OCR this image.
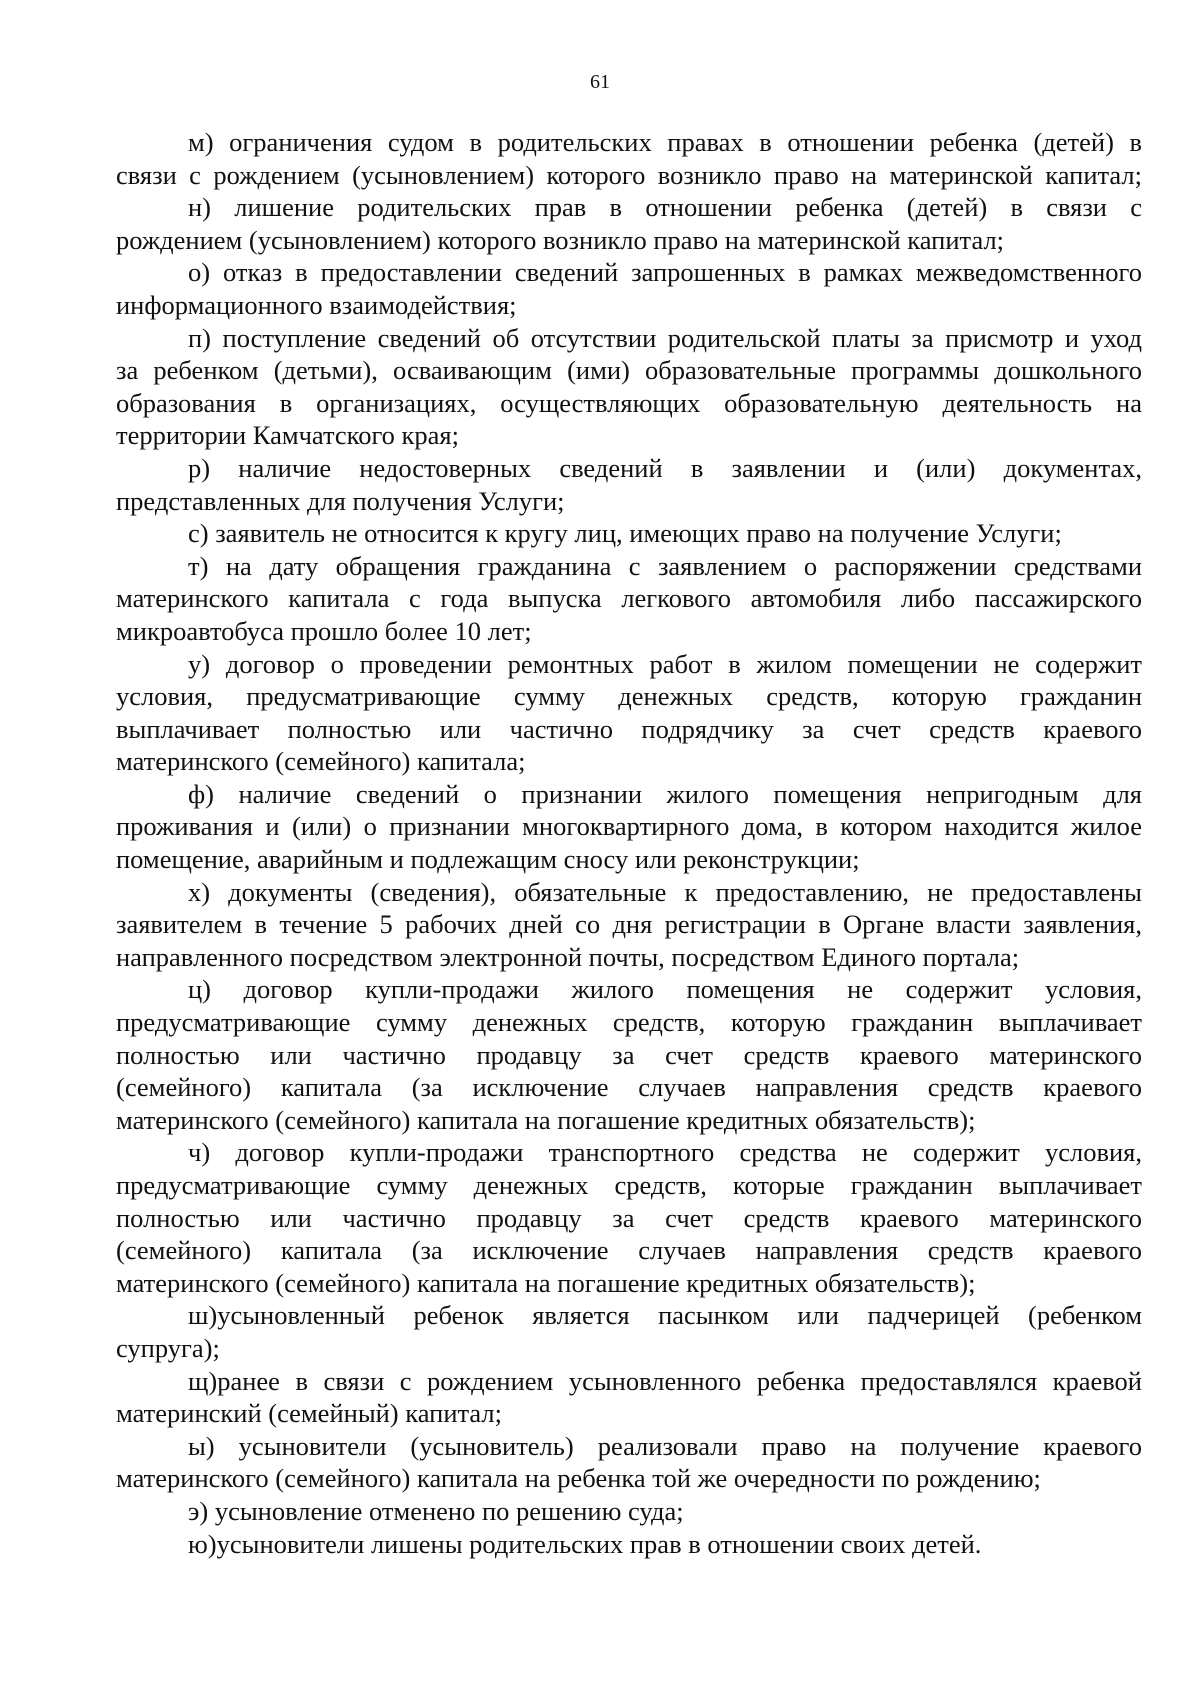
61
м) ограничения судом в родительских правах в отношении ребенка (детей) в
связи с рождением (усыновлением) которого возникло право на материнской капитал;
н) лишение родительских прав в отношении ребенка (детей) в связи с
рождением (усыновлением) которого возникло право на материнской капитал;
о) отказ в предоставлении сведений запрошенных в рамках межведомственного
информационного взаимодействия;
п) поступление сведений об отсутствии родительской платы за присмотр и уход
за ребенком (детьми), осваивающим (ими) образовательные программы дошкольного
образования в организациях, осуществляющих образовательную деятельность на
территории Камчатского края;
р) наличие недостоверных сведений в заявлении и (или) документах,
представленных для получения Услуги;
с) заявитель не относится к кругу лиц, имеющих право на получение Услуги;
т) на дату обращения гражданина с заявлением о распоряжении средствами
материнского капитала с года выпуска легкового автомобиля либо пассажирского
микроавтобуса прошло более 10 лет;
у) договор о проведении ремонтных работ в жилом помещении не содержит
условия, предусматривающие сумму денежных средств, которую гражданин
выплачивает полностью или частично подрядчику за счет средств краевого
материнского (семейного) капитала;
ф) наличие сведений о признании жилого помещения непригодным для
проживания и (или) о признании многоквартирного дома, в котором находится жилое
помещение, аварийным и подлежащим сносу или реконструкции;
х) документы (сведения), обязательные к предоставлению, не предоставлены
заявителем в течение 5 рабочих дней со дня регистрации в Органе власти заявления,
направленного посредством электронной почты, посредством Единого портала;
ц) договор купли-продажи жилого помещения не содержит условия,
предусматривающие сумму денежных средств, которую гражданин выплачивает
полностью или частично продавцу за счет средств краевого материнского
(семейного) капитала (за исключение случаев направления средств краевого
материнского (семейного) капитала на погашение кредитных обязательств);
ч) договор купли-продажи транспортного средства не содержит условия,
предусматривающие сумму денежных средств, которые гражданин выплачивает
полностью или частично продавцу за счет средств краевого материнского
(семейного) капитала (за исключение случаев направления средств краевого
материнского (семейного) капитала на погашение кредитных обязательств);
ш)усыновленный ребенок является пасынком или падчерицей (ребенком
супруга);
щ)ранее в связи с рождением усыновленного ребенка предоставлялся краевой
материнский (семейный) капитал;
ы) усыновители (усыновитель) реализовали право на получение краевого
материнского (семейного) капитала на ребенка той же очередности по рождению;
э) усыновление отменено по решению суда;
ю)усыновители лишены родительских прав в отношении своих детей.
